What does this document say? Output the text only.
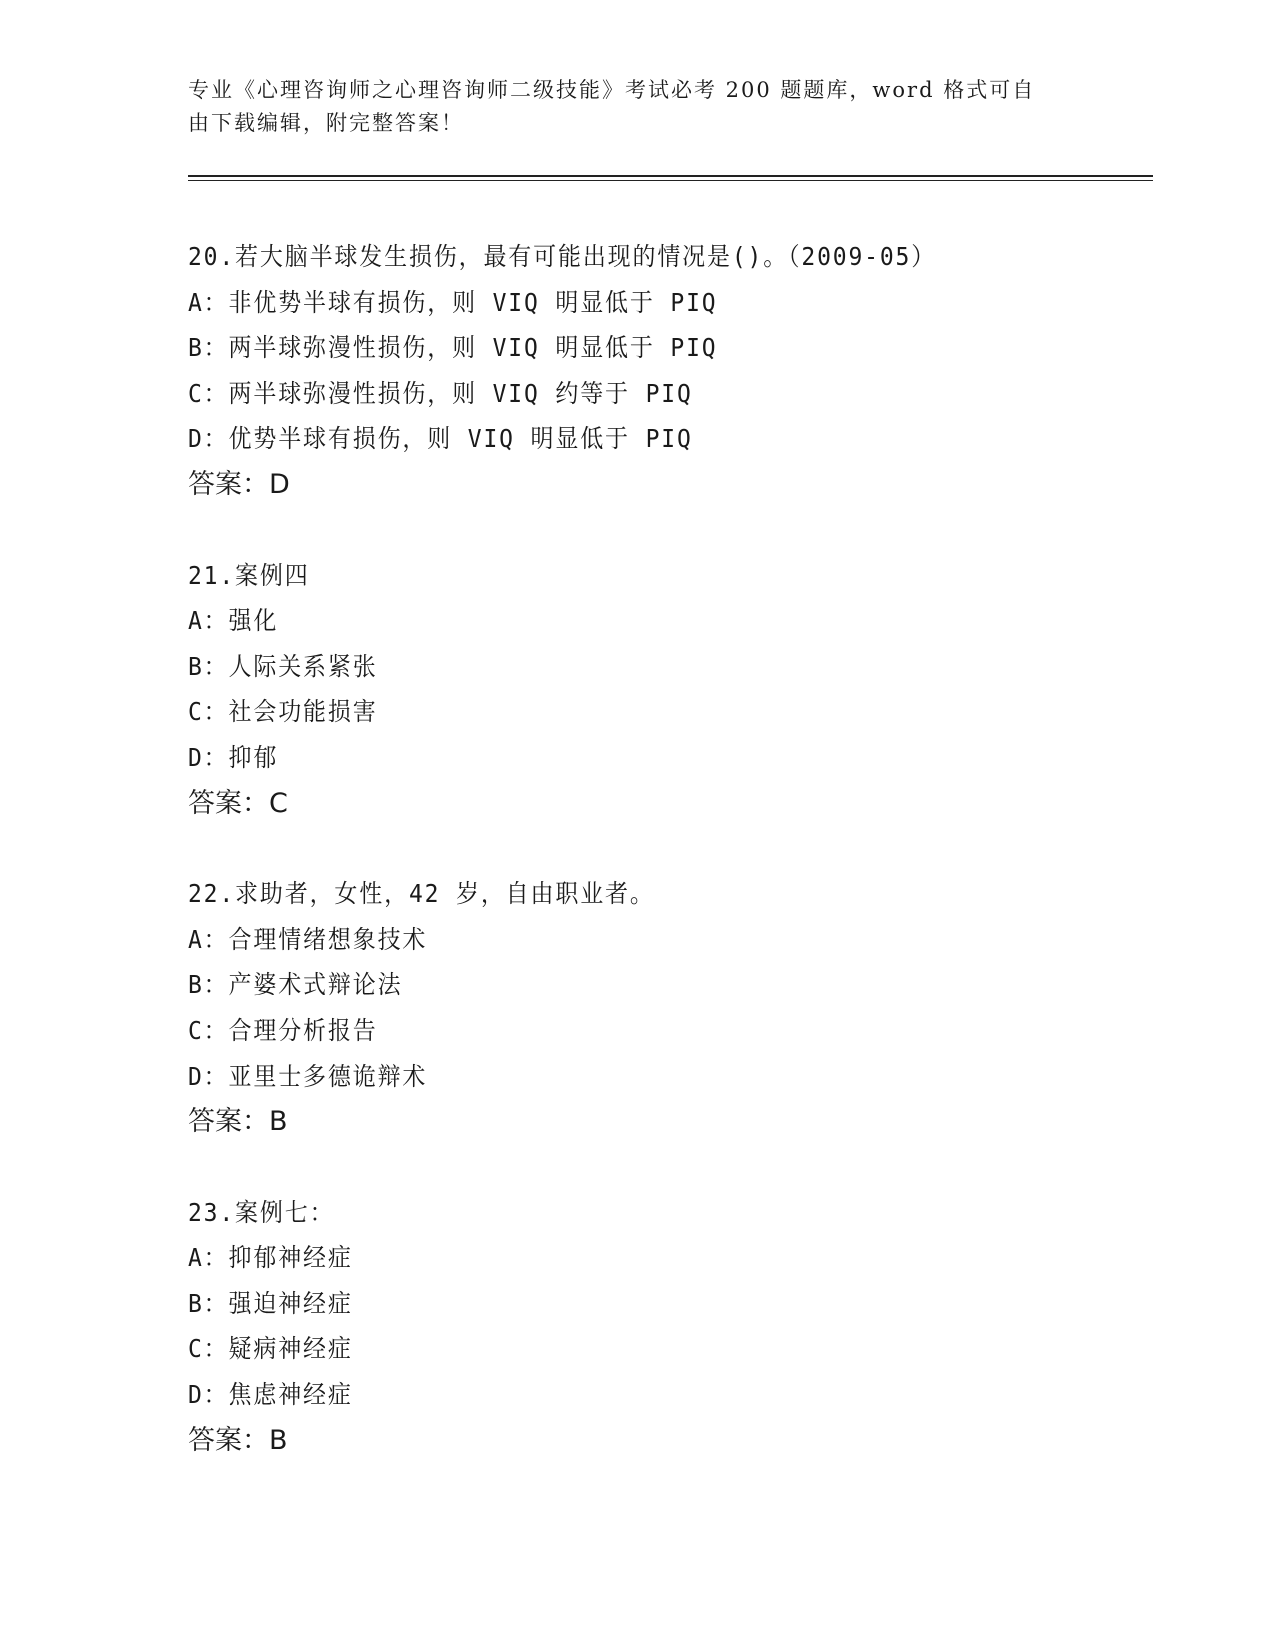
专业《心理咨询师之心理咨询师二级技能》考试必考 200 题题库，word 格式可自
由下载编辑，附完整答案！
20.若大脑半球发生损伤，最有可能出现的情况是()。（2009-05）
A：非优势半球有损伤，则 VIQ 明显低于 PIQ
B：两半球弥漫性损伤，则 VIQ 明显低于 PIQ
C：两半球弥漫性损伤，则 VIQ 约等于 PIQ
D：优势半球有损伤，则 VIQ 明显低于 PIQ
答案：D
21.案例四
A：强化
B：人际关系紧张
C：社会功能损害
D：抑郁
答案：C
22.求助者，女性，42 岁，自由职业者。
A：合理情绪想象技术
B：产婆术式辩论法
C：合理分析报告
D：亚里士多德诡辩术
答案：B
23.案例七：
A：抑郁神经症
B：强迫神经症
C：疑病神经症
D：焦虑神经症
答案：B
